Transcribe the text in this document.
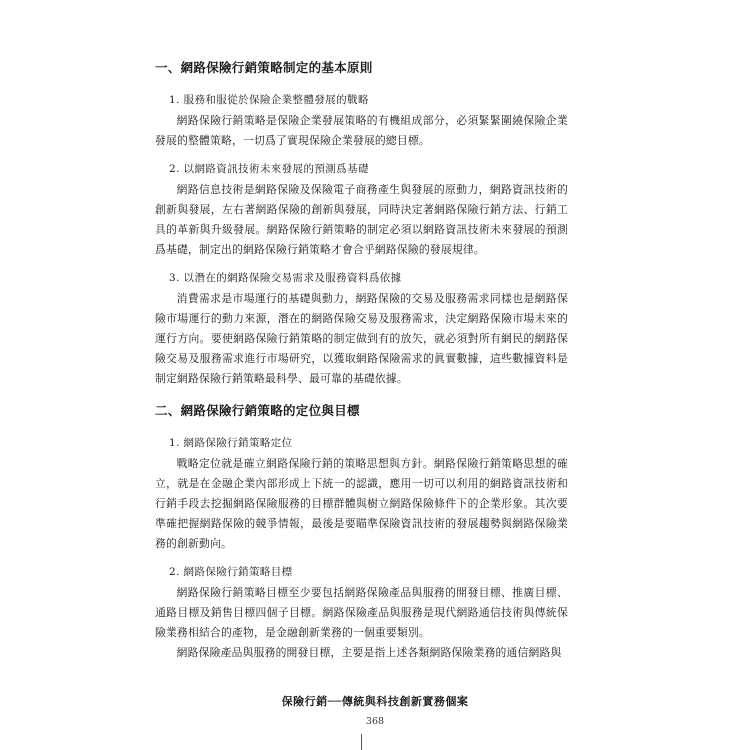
一、網路保險行銷策略制定的基本原則
1. 服務和服從於保險企業整體發展的戰略

網路保險行銷策略是保險企業發展策略的有機組成部分，必須緊緊圍繞保險企業發展的整體策略，一切爲了實現保險企業發展的總目標。

2. 以網路資訊技術未來發展的預測爲基礎

網路信息技術是網路保險及保險電子商務產生與發展的原動力，網路資訊技術的創新與發展，左右著網路保險的創新與發展，同時決定著網路保險行銷方法、行銷工具的革新與升級發展。網路保險行銷策略的制定必須以網路資訊技術未來發展的預測爲基礎，制定出的網路保險行銷策略才會合乎網路保險的發展規律。

3. 以潛在的網路保險交易需求及服務資料爲依據

消費需求是市場運行的基礎與動力，網路保險的交易及服務需求同樣也是網路保險市場運行的動力來源，潛在的網路保險交易及服務需求，決定網路保險市場未來的運行方向。要使網路保險行銷策略的制定做到有的放矢，就必須對所有網民的網路保險交易及服務需求進行市場研究，以獲取網路保險需求的眞實數據，這些數據資料是制定網路保險行銷策略最科學、最可靠的基礎依據。

二、網路保險行銷策略的定位與目標
1. 網路保險行銷策略定位

戰略定位就是確立網路保險行銷的策略思想與方針。網路保險行銷策略思想的確立，就是在金融企業內部形成上下統一的認識，應用一切可以利用的網路資訊技術和行銷手段去挖掘網路保險服務的目標群體與樹立網路保險條件下的企業形象。其次要準確把握網路保險的競爭情報，最後是要瞄準保險資訊技術的發展趨勢與網路保險業務的創新動向。

2. 網路保險行銷策略目標

網路保險行銷策略目標至少要包括網路保險產品與服務的開發目標、推廣目標、通路目標及銷售目標四個子目標。網路保險產品與服務是現代網路通信技術與傳統保險業務相結合的產物，是金融創新業務的一個重要類別。

網路保險產品與服務的開發目標，主要是指上述各類網路保險業務的通信網路與

保險行銷──傳統與科技創新實務個案
368
